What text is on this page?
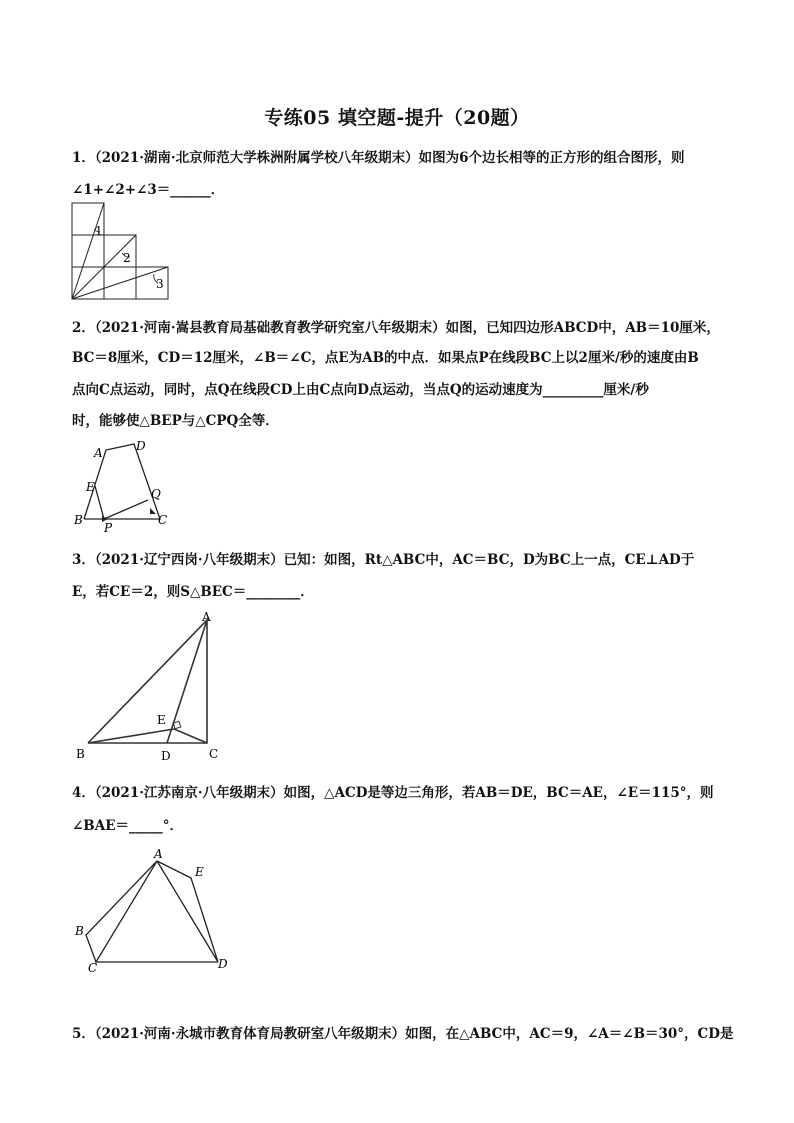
专练05 填空题-提升（20题）
1．（2021·湖南·北京师范大学株洲附属学校八年级期末）如图为6个边长相等的正方形的组合图形，则
∠1+∠2+∠3＝______．
1
2
3
2．（2021·河南·嵩县教育局基础教育教学研究室八年级期末）如图，已知四边形ABCD中，AB＝10厘米，
BC＝8厘米，CD＝12厘米，∠B＝∠C，点E为AB的中点．如果点P在线段BC上以2厘米/秒的速度由B
点向C点运动，同时，点Q在线段CD上由C点向D点运动，当点Q的运动速度为_________厘米/秒
时，能够使△BEP与△CPQ全等．
A	D
E	Q
B
P
C
3．（2021·辽宁西岗·八年级期末）已知：如图，Rt△ABC中，AC＝BC，D为BC上一点，CE⊥AD于
E，若CE＝2，则S△BEC＝________．
A
B	C
D
E
4．（2021·江苏南京·八年级期末）如图，△ACD是等边三角形，若AB＝DE，BC＝AE，∠E＝115°，则
∠BAE＝_____°．
A
E
B
C	D
5．（2021·河南·永城市教育体育局教研室八年级期末）如图，在△ABC中，AC＝9，∠A＝∠B＝30°，CD是
